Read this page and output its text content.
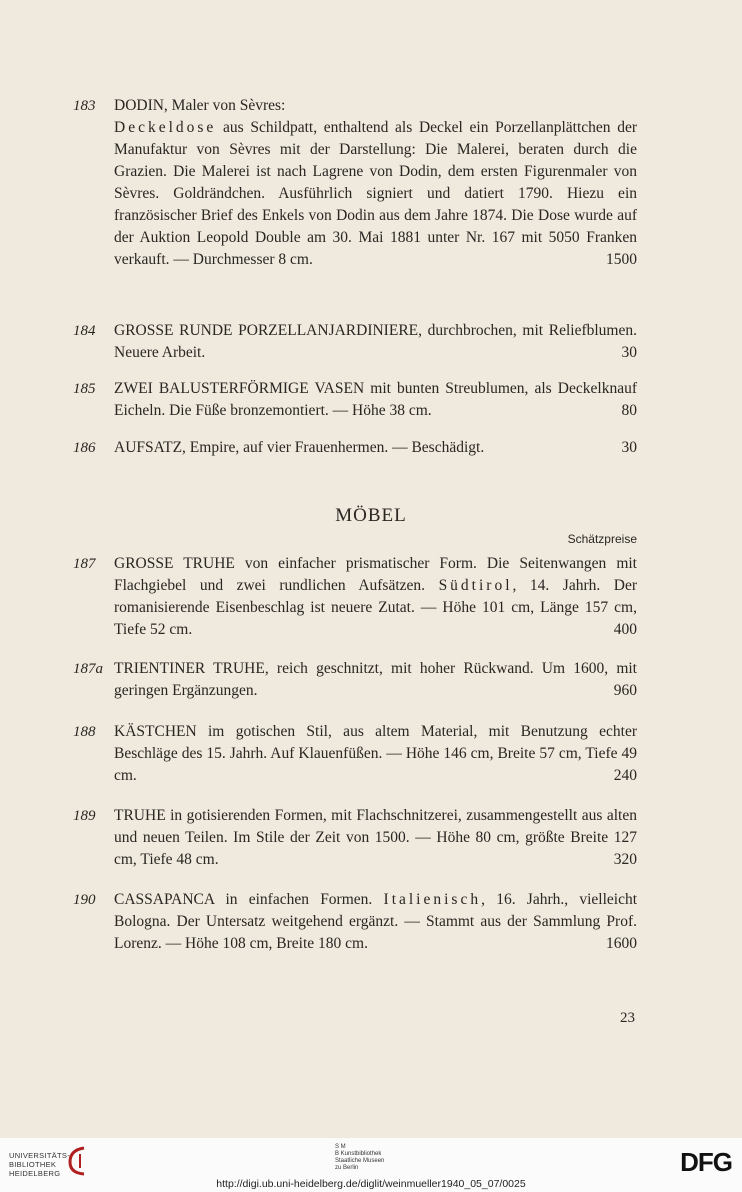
183 DODIN, Maler von Sèvres:

Deckeldose aus Schildpatt, enthaltend als Deckel ein Porzellanplättchen der Manufaktur von Sèvres mit der Darstellung: Die Malerei, beraten durch die Grazien. Die Malerei ist nach Lagrene von Dodin, dem ersten Figurenmaler von Sèvres. Goldrändchen. Ausführlich signiert und datiert 1790. Hiezu ein französischer Brief des Enkels von Dodin aus dem Jahre 1874. Die Dose wurde auf der Auktion Leopold Double am 30. Mai 1881 unter Nr. 167 mit 5050 Franken verkauft. — Durchmesser 8 cm.	1500

184 GROSSE RUNDE PORZELLANJARDINIERE, durchbrochen, mit Reliefblumen. Neuere Arbeit.	30

185 ZWEI BALUSTERFÖRMIGE VASEN mit bunten Streublumen, als Deckelknauf Eicheln. Die Füße bronzemontiert. — Höhe 38 cm.	80

186 AUFSATZ, Empire, auf vier Frauenhermen. — Beschädigt.	30

MÖBEL
Schätzpreise
187 GROSSE TRUHE von einfacher prismatischer Form. Die Seitenwangen mit Flachgiebel und zwei rundlichen Aufsätzen. Südtirol, 14. Jahrh. Der romanisierende Eisenbeschlag ist neuere Zutat. — Höhe 101 cm, Länge 157 cm, Tiefe 52 cm.	400

187a TRIENTINER TRUHE, reich geschnitzt, mit hoher Rückwand. Um 1600, mit geringen Ergänzungen.	960

188 KÄSTCHEN im gotischen Stil, aus altem Material, mit Benutzung echter Beschläge des 15. Jahrh. Auf Klauenfüßen. — Höhe 146 cm, Breite 57 cm, Tiefe 49 cm.	240

189 TRUHE in gotisierenden Formen, mit Flachschnitzerei, zusammengestellt aus alten und neuen Teilen. Im Stile der Zeit von 1500. — Höhe 80 cm, größte Breite 127 cm, Tiefe 48 cm.	320

190 CASSAPANCA in einfachen Formen. Italienisch, 16. Jahrh., vielleicht Bologna. Der Untersatz weitgehend ergänzt. — Stammt aus der Sammlung Prof. Lorenz. — Höhe 108 cm, Breite 180 cm.	1600

23
UNIVERSITÄTS-
BIBLIOTHEK
HEIDELBERG
S M
B Kunstbibliothek
Staatliche Museen
zu Berlin	DFG
http://digi.ub.uni-heidelberg.de/diglit/weinmueller1940_05_07/0025
